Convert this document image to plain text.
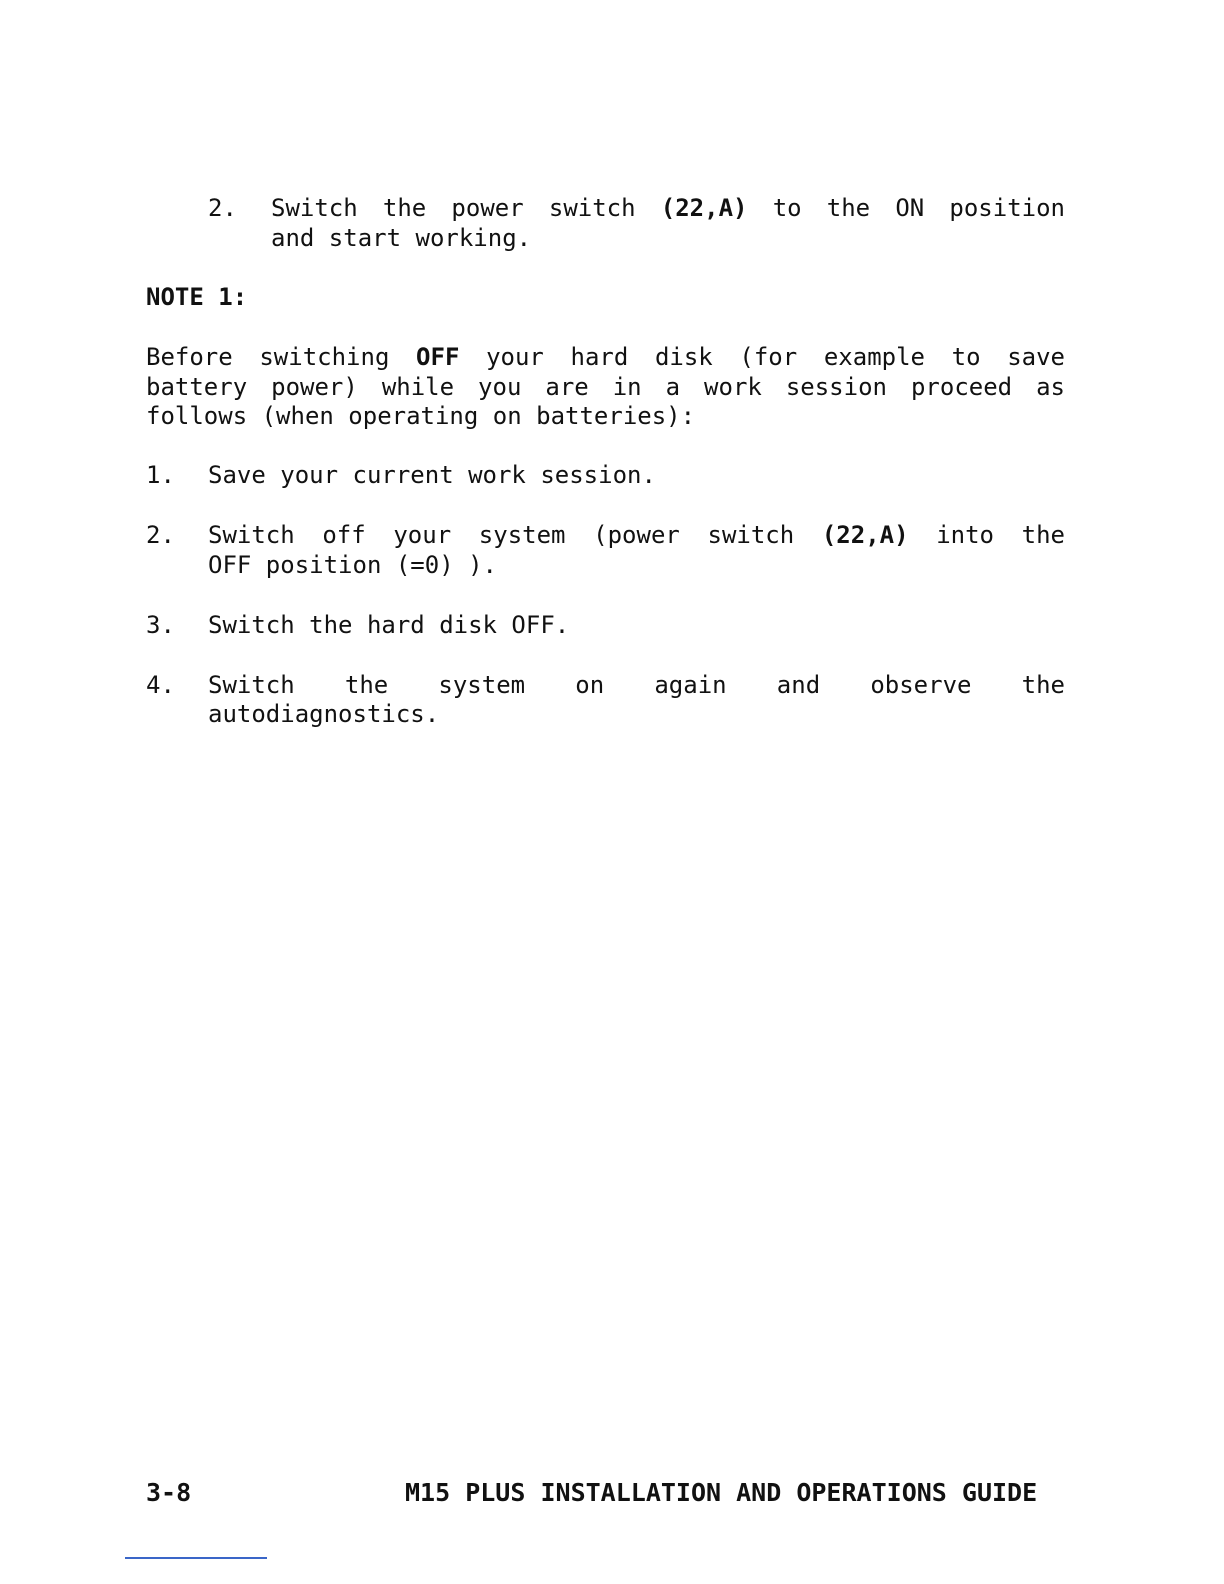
2. Switch the power switch (22,A) to the ON position
and start working.
NOTE 1:
Before switching OFF your hard disk (for example to save
battery power) while you are in a work session proceed as
follows (when operating on batteries):
1. Save your current work session.
2. Switch off your system (power switch (22,A) into the
OFF position (=0) ).
3. Switch the hard disk OFF.
4. Switch the system on again and observe the
autodiagnostics.
3-8	M15 PLUS INSTALLATION AND OPERATIONS GUIDE
